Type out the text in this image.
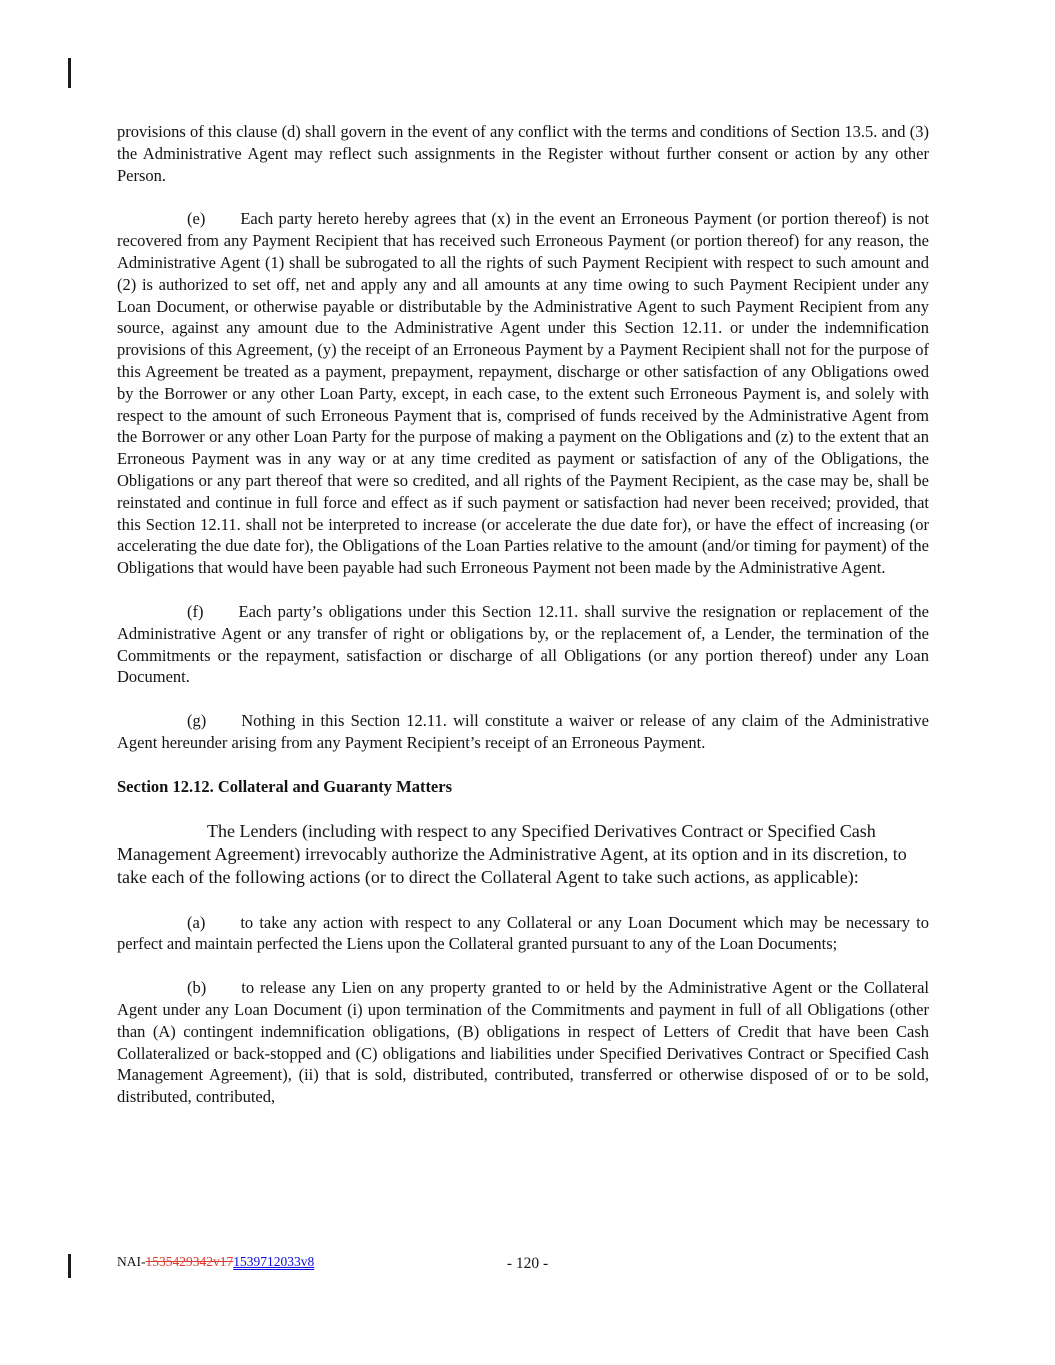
provisions of this clause (d) shall govern in the event of any conflict with the terms and conditions of Section 13.5. and (3) the Administrative Agent may reflect such assignments in the Register without further consent or action by any other Person.

(e) Each party hereto hereby agrees that (x) in the event an Erroneous Payment (or portion thereof) is not recovered from any Payment Recipient that has received such Erroneous Payment (or portion thereof) for any reason, the Administrative Agent (1) shall be subrogated to all the rights of such Payment Recipient with respect to such amount and (2) is authorized to set off, net and apply any and all amounts at any time owing to such Payment Recipient under any Loan Document, or otherwise payable or distributable by the Administrative Agent to such Payment Recipient from any source, against any amount due to the Administrative Agent under this Section 12.11. or under the indemnification provisions of this Agreement, (y) the receipt of an Erroneous Payment by a Payment Recipient shall not for the purpose of this Agreement be treated as a payment, prepayment, repayment, discharge or other satisfaction of any Obligations owed by the Borrower or any other Loan Party, except, in each case, to the extent such Erroneous Payment is, and solely with respect to the amount of such Erroneous Payment that is, comprised of funds received by the Administrative Agent from the Borrower or any other Loan Party for the purpose of making a payment on the Obligations and (z) to the extent that an Erroneous Payment was in any way or at any time credited as payment or satisfaction of any of the Obligations, the Obligations or any part thereof that were so credited, and all rights of the Payment Recipient, as the case may be, shall be reinstated and continue in full force and effect as if such payment or satisfaction had never been received; provided, that this Section 12.11. shall not be interpreted to increase (or accelerate the due date for), or have the effect of increasing (or accelerating the due date for), the Obligations of the Loan Parties relative to the amount (and/or timing for payment) of the Obligations that would have been payable had such Erroneous Payment not been made by the Administrative Agent.

(f) Each party’s obligations under this Section 12.11. shall survive the resignation or replacement of the Administrative Agent or any transfer of right or obligations by, or the replacement of, a Lender, the termination of the Commitments or the repayment, satisfaction or discharge of all Obligations (or any portion thereof) under any Loan Document.

(g) Nothing in this Section 12.11. will constitute a waiver or release of any claim of the Administrative Agent hereunder arising from any Payment Recipient’s receipt of an Erroneous Payment.

Section 12.12. Collateral and Guaranty Matters

The Lenders (including with respect to any Specified Derivatives Contract or Specified Cash Management Agreement) irrevocably authorize the Administrative Agent, at its option and in its discretion, to take each of the following actions (or to direct the Collateral Agent to take such actions, as applicable):

(a) to take any action with respect to any Collateral or any Loan Document which may be necessary to perfect and maintain perfected the Liens upon the Collateral granted pursuant to any of the Loan Documents;

(b) to release any Lien on any property granted to or held by the Administrative Agent or the Collateral Agent under any Loan Document (i) upon termination of the Commitments and payment in full of all Obligations (other than (A) contingent indemnification obligations, (B) obligations in respect of Letters of Credit that have been Cash Collateralized or back-stopped and (C) obligations and liabilities under Specified Derivatives Contract or Specified Cash Management Agreement), (ii) that is sold, distributed, contributed, transferred or otherwise disposed of or to be sold, distributed, contributed,

NAI-1535429342v171539712033v8	- 120 -
